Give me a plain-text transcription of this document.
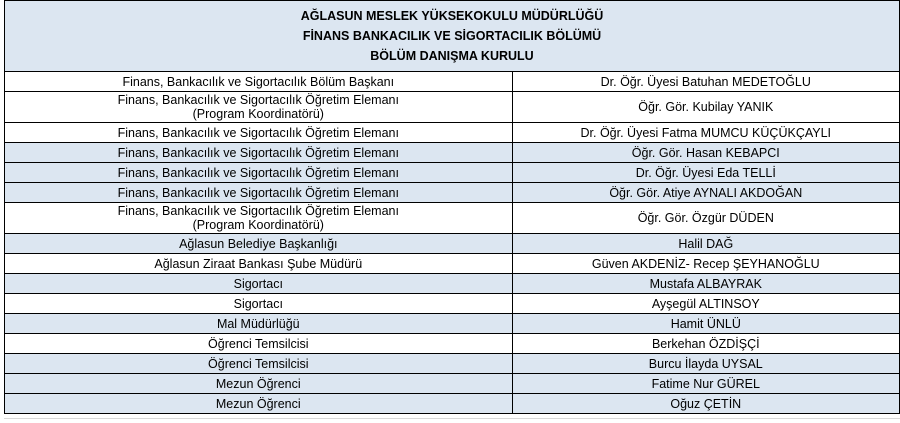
AĞLASUN MESLEK YÜKSEKOKULU MÜDÜRLÜĞÜ
FİNANS BANKACILIK VE SİGORTACILIK BÖLÜMÜ
BÖLÜM DANIŞMA KURULU	

Finans, Bankacılık ve Sigortacılık Bölüm Başkanı	Dr. Öğr. Üyesi Batuhan MEDETOĞLU

Finans, Bankacılık ve Sigortacılık Öğretim Elemanı
(Program Koordinatörü)	Öğr. Gör. Kubilay YANIK

Finans, Bankacılık ve Sigortacılık Öğretim Elemanı	Dr. Öğr. Üyesi Fatma MUMCU KÜÇÜKÇAYLI

Finans, Bankacılık ve Sigortacılık Öğretim Elemanı	Öğr. Gör. Hasan KEBAPCI

Finans, Bankacılık ve Sigortacılık Öğretim Elemanı	Dr. Öğr. Üyesi Eda TELLİ

Finans, Bankacılık ve Sigortacılık Öğretim Elemanı	Öğr. Gör. Atiye AYNALI AKDOĞAN

Finans, Bankacılık ve Sigortacılık Öğretim Elemanı
(Program Koordinatörü)	Öğr. Gör. Özgür DÜDEN

Ağlasun Belediye Başkanlığı	Halil DAĞ

Ağlasun Ziraat Bankası Şube Müdürü	Güven AKDENİZ- Recep ŞEYHANOĞLU

Sigortacı	Mustafa ALBAYRAK

Sigortacı	Ayşegül ALTINSOY

Mal Müdürlüğü	Hamit ÜNLÜ

Öğrenci Temsilcisi	Berkehan ÖZDİŞÇİ

Öğrenci Temsilcisi	Burcu İlayda UYSAL

Mezun Öğrenci	Fatime Nur GÜREL

Mezun Öğrenci	Oğuz ÇETİN
